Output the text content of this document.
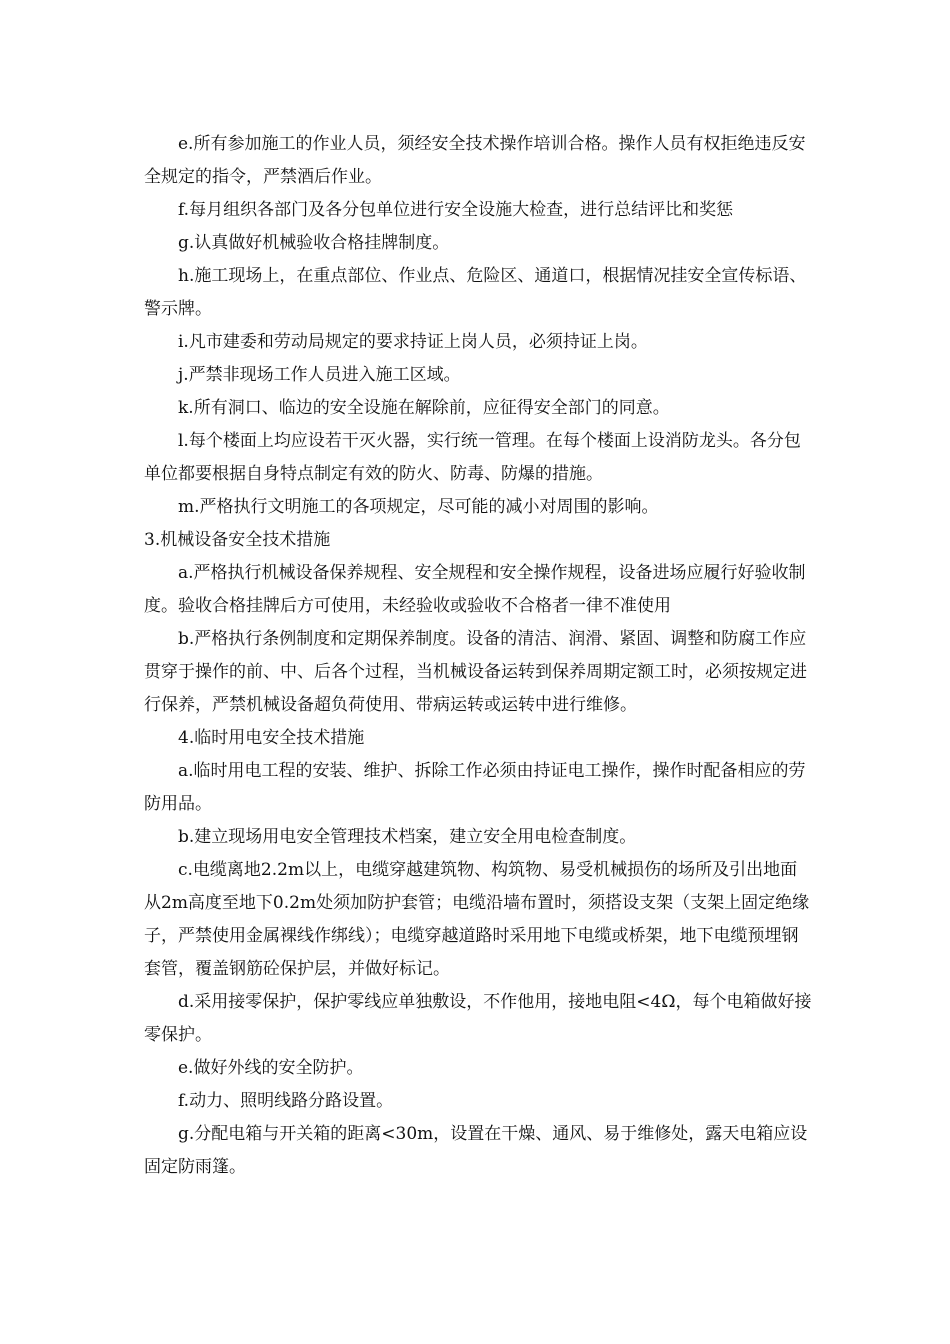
e.所有参加施工的作业人员，须经安全技术操作培训合格。操作人员有权拒绝违反安全规定的指令，严禁酒后作业。

f.每月组织各部门及各分包单位进行安全设施大检查，进行总结评比和奖惩

g.认真做好机械验收合格挂牌制度。

h.施工现场上，在重点部位、作业点、危险区、通道口，根据情况挂安全宣传标语、警示牌。

i.凡市建委和劳动局规定的要求持证上岗人员，必须持证上岗。

j.严禁非现场工作人员进入施工区域。

k.所有洞口、临边的安全设施在解除前，应征得安全部门的同意。

l.每个楼面上均应设若干灭火器，实行统一管理。在每个楼面上设消防龙头。各分包单位都要根据自身特点制定有效的防火、防毒、防爆的措施。

m.严格执行文明施工的各项规定，尽可能的减小对周围的影响。

3.机械设备安全技术措施

a.严格执行机械设备保养规程、安全规程和安全操作规程，设备进场应履行好验收制度。验收合格挂牌后方可使用，未经验收或验收不合格者一律不准使用

b.严格执行条例制度和定期保养制度。设备的清洁、润滑、紧固、调整和防腐工作应贯穿于操作的前、中、后各个过程，当机械设备运转到保养周期定额工时，必须按规定进行保养，严禁机械设备超负荷使用、带病运转或运转中进行维修。

4.临时用电安全技术措施

a.临时用电工程的安装、维护、拆除工作必须由持证电工操作，操作时配备相应的劳防用品。

b.建立现场用电安全管理技术档案，建立安全用电检查制度。

c.电缆离地2.2m以上，电缆穿越建筑物、构筑物、易受机械损伤的场所及引出地面从2m高度至地下0.2m处须加防护套管；电缆沿墙布置时，须搭设支架（支架上固定绝缘子，严禁使用金属裸线作绑线）；电缆穿越道路时采用地下电缆或桥架，地下电缆预埋钢套管，覆盖钢筋砼保护层，并做好标记。

d.采用接零保护，保护零线应单独敷设，不作他用，接地电阻<4Ω，每个电箱做好接零保护。

e.做好外线的安全防护。

f.动力、照明线路分路设置。

g.分配电箱与开关箱的距离<30m，设置在干燥、通风、易于维修处，露天电箱应设固定防雨篷。
